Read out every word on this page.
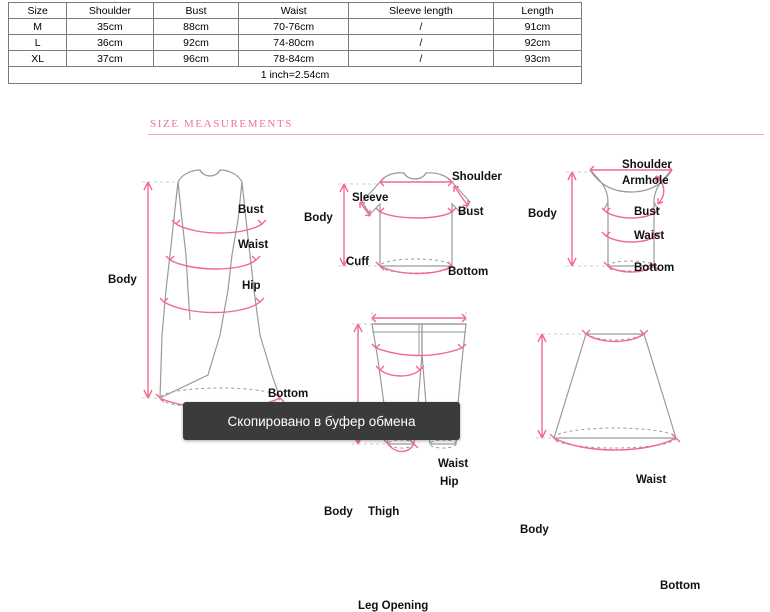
Size	Shoulder	Bust	Waist	Sleeve length	Length
M	35cm	88cm	70-76cm	/	91cm
L	36cm	92cm	74-80cm	/	92cm
XL	37cm	96cm	78-84cm	/	93cm
1 inch=2.54cm					
SIZE MEASUREMENTS
Bust
Waist
Hip
Body
Bottom
Shoulder
Sleeve
Bust
Body
Cuff
Bottom
Shoulder
Armhole
Bust
Waist
Body
Bottom
Waist
Hip
Thigh
Body
Leg Opening
Waist
Body
Bottom
Скопировано в буфер обмена
